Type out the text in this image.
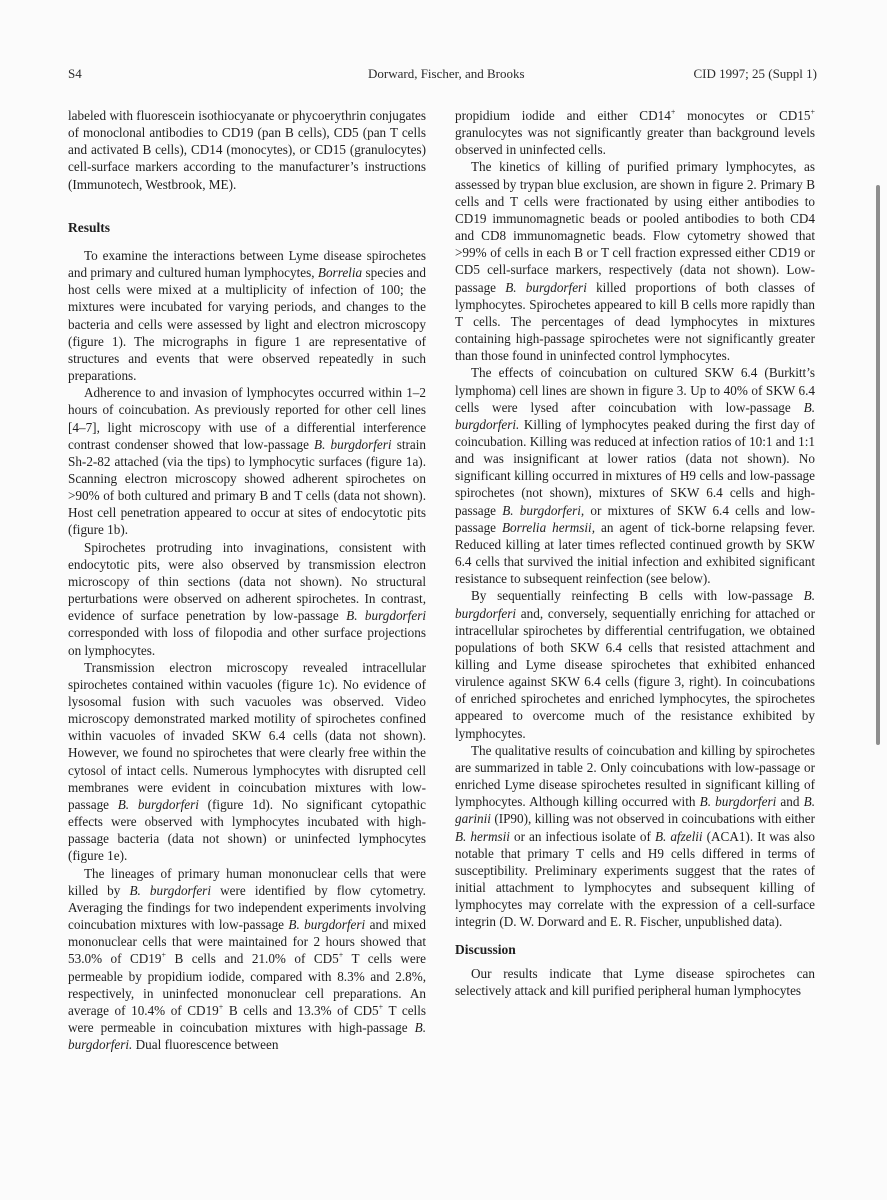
S4	Dorward, Fischer, and Brooks	CID 1997; 25 (Suppl 1)

labeled with fluorescein isothiocyanate or phycoerythrin conjugates of monoclonal antibodies to CD19 (pan B cells), CD5 (pan T cells and activated B cells), CD14 (monocytes), or CD15 (granulocytes) cell-surface markers according to the manufacturer’s instructions (Immunotech, Westbrook, ME).

Results

To examine the interactions between Lyme disease spirochetes and primary and cultured human lymphocytes, Borrelia species and host cells were mixed at a multiplicity of infection of 100; the mixtures were incubated for varying periods, and changes to the bacteria and cells were assessed by light and electron microscopy (figure 1). The micrographs in figure 1 are representative of structures and events that were observed repeatedly in such preparations.

Adherence to and invasion of lymphocytes occurred within 1–2 hours of coincubation. As previously reported for other cell lines [4–7], light microscopy with use of a differential interference contrast condenser showed that low-passage B. burgdorferi strain Sh-2-82 attached (via the tips) to lymphocytic surfaces (figure 1a). Scanning electron microscopy showed adherent spirochetes on >90% of both cultured and primary B and T cells (data not shown). Host cell penetration appeared to occur at sites of endocytotic pits (figure 1b).

Spirochetes protruding into invaginations, consistent with endocytotic pits, were also observed by transmission electron microscopy of thin sections (data not shown). No structural perturbations were observed on adherent spirochetes. In contrast, evidence of surface penetration by low-passage B. burgdorferi corresponded with loss of filopodia and other surface projections on lymphocytes.

Transmission electron microscopy revealed intracellular spirochetes contained within vacuoles (figure 1c). No evidence of lysosomal fusion with such vacuoles was observed. Video microscopy demonstrated marked motility of spirochetes confined within vacuoles of invaded SKW 6.4 cells (data not shown). However, we found no spirochetes that were clearly free within the cytosol of intact cells. Numerous lymphocytes with disrupted cell membranes were evident in coincubation mixtures with low-passage B. burgdorferi (figure 1d). No significant cytopathic effects were observed with lymphocytes incubated with high-passage bacteria (data not shown) or uninfected lymphocytes (figure 1e).

The lineages of primary human mononuclear cells that were killed by B. burgdorferi were identified by flow cytometry. Averaging the findings for two independent experiments involving coincubation mixtures with low-passage B. burgdorferi and mixed mononuclear cells that were maintained for 2 hours showed that 53.0% of CD19+ B cells and 21.0% of CD5+ T cells were permeable by propidium iodide, compared with 8.3% and 2.8%, respectively, in uninfected mononuclear cell preparations. An average of 10.4% of CD19+ B cells and 13.3% of CD5+ T cells were permeable in coincubation mixtures with high-passage B. burgdorferi. Dual fluorescence between

propidium iodide and either CD14+ monocytes or CD15+ granulocytes was not significantly greater than background levels observed in uninfected cells.

The kinetics of killing of purified primary lymphocytes, as assessed by trypan blue exclusion, are shown in figure 2. Primary B cells and T cells were fractionated by using either antibodies to CD19 immunomagnetic beads or pooled antibodies to both CD4 and CD8 immunomagnetic beads. Flow cytometry showed that >99% of cells in each B or T cell fraction expressed either CD19 or CD5 cell-surface markers, respectively (data not shown). Low-passage B. burgdorferi killed proportions of both classes of lymphocytes. Spirochetes appeared to kill B cells more rapidly than T cells. The percentages of dead lymphocytes in mixtures containing high-passage spirochetes were not significantly greater than those found in uninfected control lymphocytes.

The effects of coincubation on cultured SKW 6.4 (Burkitt’s lymphoma) cell lines are shown in figure 3. Up to 40% of SKW 6.4 cells were lysed after coincubation with low-passage B. burgdorferi. Killing of lymphocytes peaked during the first day of coincubation. Killing was reduced at infection ratios of 10:1 and 1:1 and was insignificant at lower ratios (data not shown). No significant killing occurred in mixtures of H9 cells and low-passage spirochetes (not shown), mixtures of SKW 6.4 cells and high-passage B. burgdorferi, or mixtures of SKW 6.4 cells and low-passage Borrelia hermsii, an agent of tick-borne relapsing fever. Reduced killing at later times reflected continued growth by SKW 6.4 cells that survived the initial infection and exhibited significant resistance to subsequent reinfection (see below).

By sequentially reinfecting B cells with low-passage B. burgdorferi and, conversely, sequentially enriching for attached or intracellular spirochetes by differential centrifugation, we obtained populations of both SKW 6.4 cells that resisted attachment and killing and Lyme disease spirochetes that exhibited enhanced virulence against SKW 6.4 cells (figure 3, right). In coincubations of enriched spirochetes and enriched lymphocytes, the spirochetes appeared to overcome much of the resistance exhibited by lymphocytes.

The qualitative results of coincubation and killing by spirochetes are summarized in table 2. Only coincubations with low-passage or enriched Lyme disease spirochetes resulted in significant killing of lymphocytes. Although killing occurred with B. burgdorferi and B. garinii (IP90), killing was not observed in coincubations with either B. hermsii or an infectious isolate of B. afzelii (ACA1). It was also notable that primary T cells and H9 cells differed in terms of susceptibility. Preliminary experiments suggest that the rates of initial attachment to lymphocytes and subsequent killing of lymphocytes may correlate with the expression of a cell-surface integrin (D. W. Dorward and E. R. Fischer, unpublished data).

Discussion

Our results indicate that Lyme disease spirochetes can selectively attack and kill purified peripheral human lymphocytes
